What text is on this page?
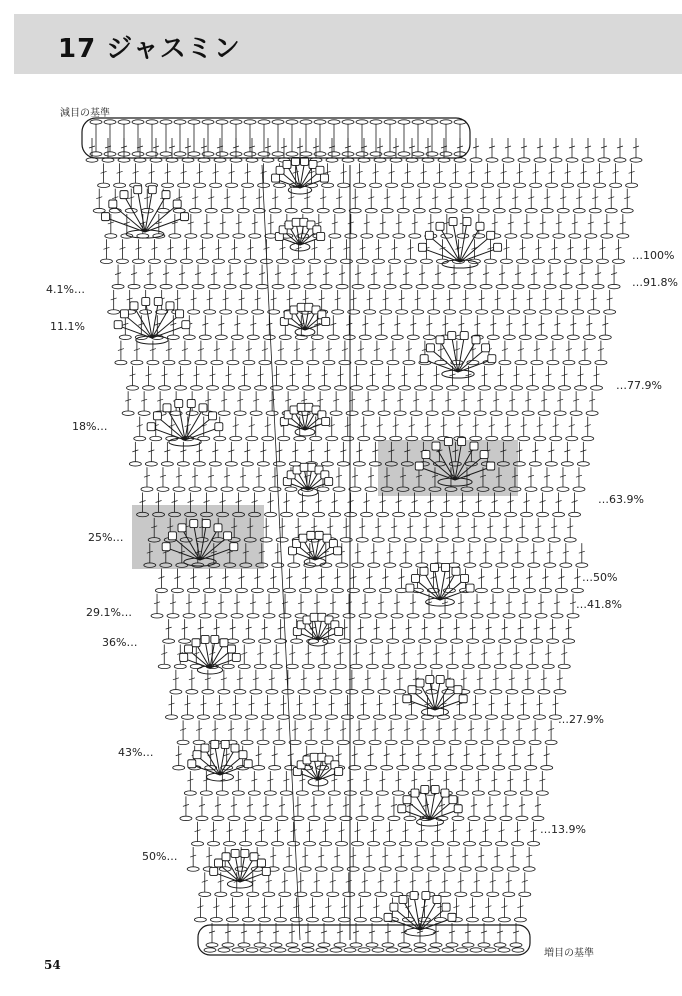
17 ジャスミン
減目の基準
増目の基準
4.1%…
11.1%
18%…
25%…
29.1%…
36%…
43%…
50%…
…100%
…91.8%
…77.9%
…63.9%
…50%
…41.8%
…27.9%
…13.9%
54
